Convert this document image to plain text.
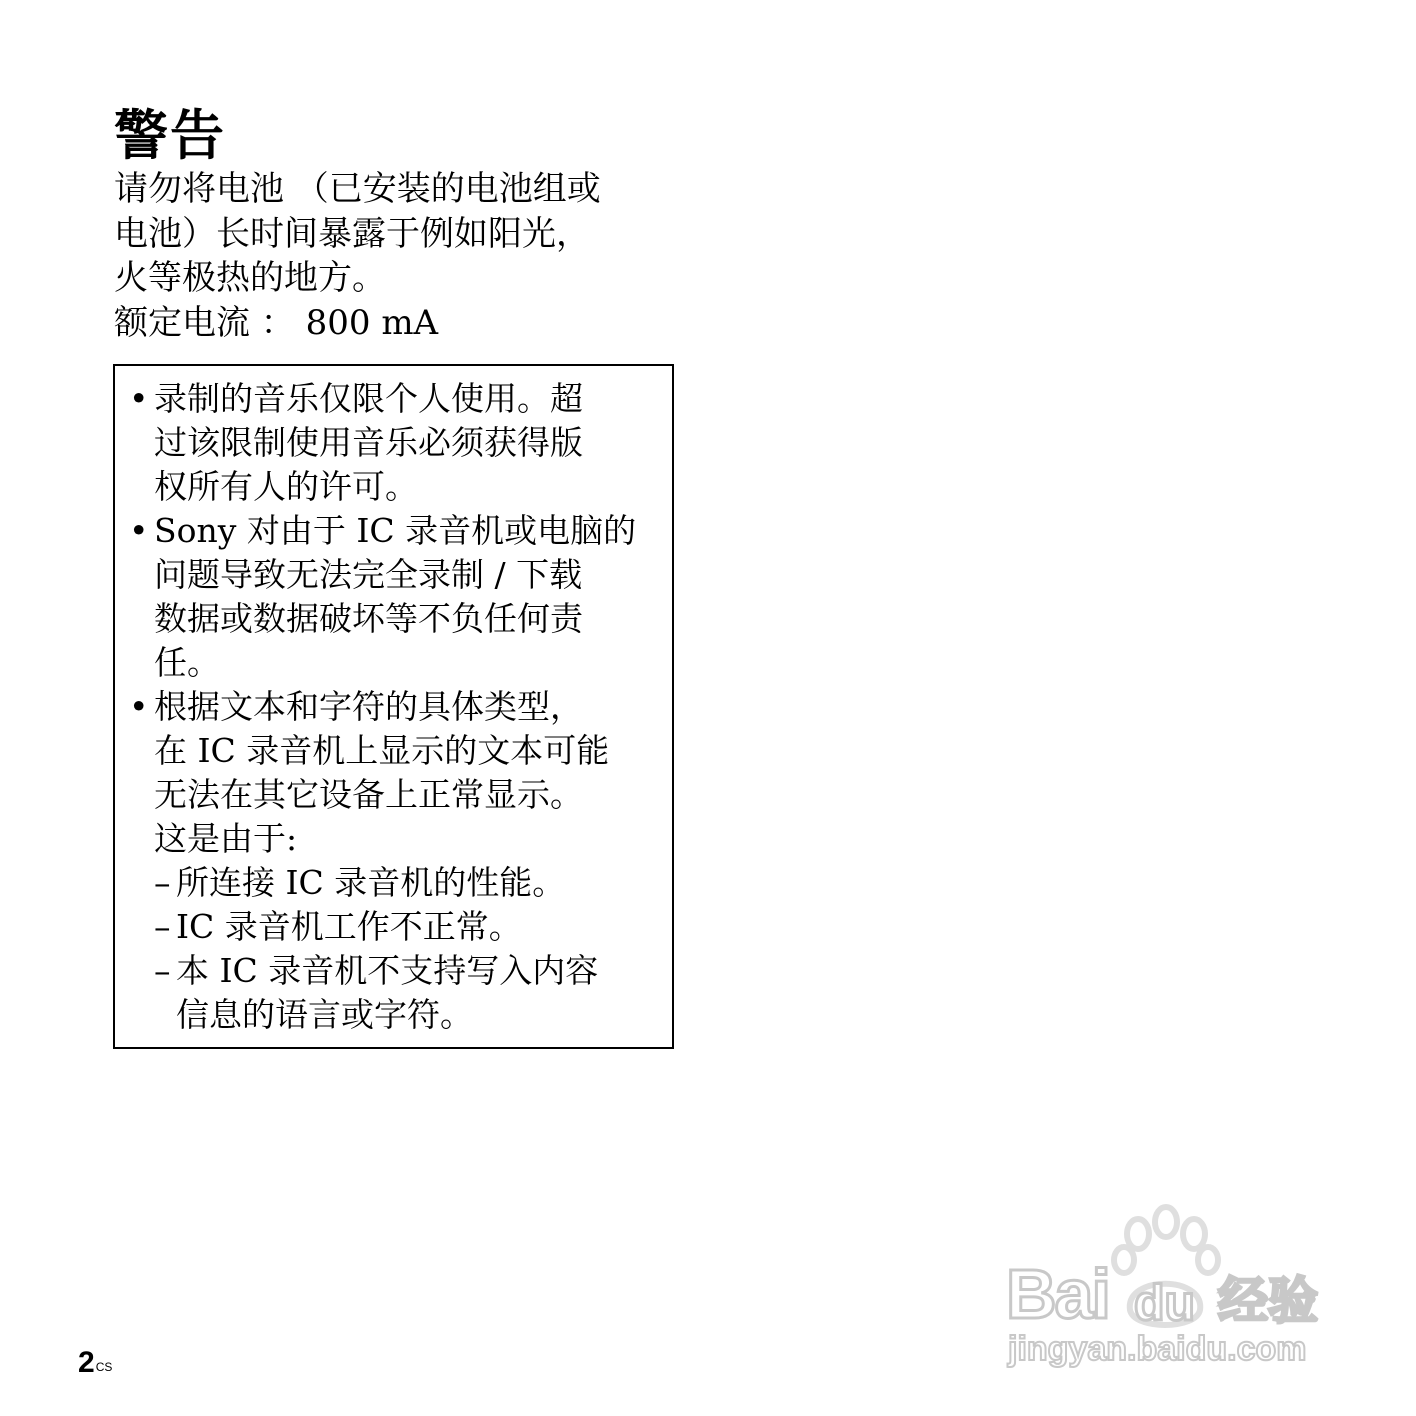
警告

请勿将电池 （已安装的电池组或

电池）长时间暴露于例如阳光，

火等极热的地方。

额定电流 ： 800 mA

• 录制的音乐仅限个人使用。超
过该限制使用音乐必须获得版
权所有人的许可。
• Sony 对由于 IC 录音机或电脑的
问题导致无法完全录制 / 下载
数据或数据破坏等不负任何责
任。
• 根据文本和字符的具体类型，
在 IC 录音机上显示的文本可能
无法在其它设备上正常显示。
这是由于:
– 所连接 IC 录音机的性能。
– IC 录音机工作不正常。
– 本 IC 录音机不支持写入内容
信息的语言或字符。
$2^{CS}$
Bai du 经验
jingyan.baidu.com
